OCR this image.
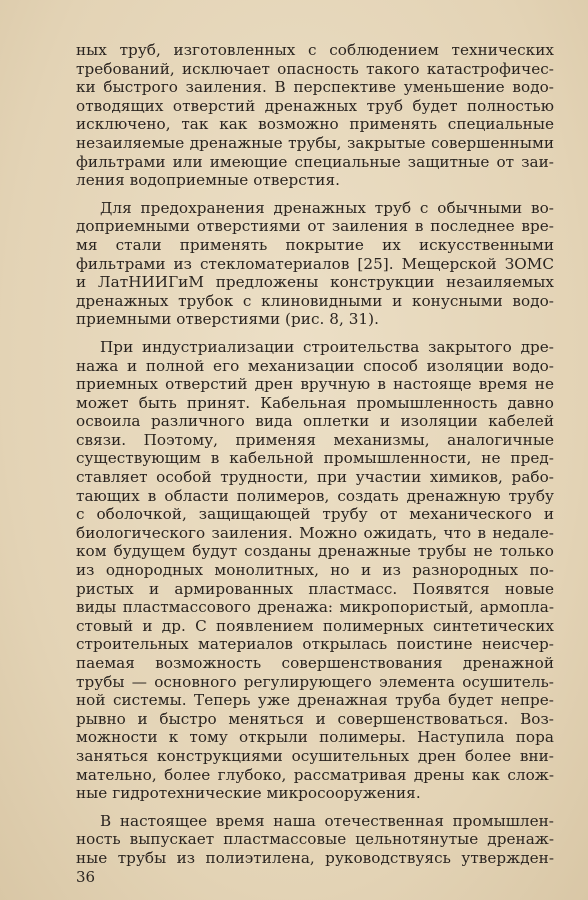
ных труб, изготовленных с соблюдением технических
требований, исключает опасность такого катастрофичес-
ки быстрого заиления. В перспективе уменьшение водо-
отводящих отверстий дренажных труб будет полностью
исключено, так как возможно применять специальные
незаиляемые дренажные трубы, закрытые совершенными
фильтрами или имеющие специальные защитные от заи-
ления водоприемные отверстия.

Для предохранения дренажных труб с обычными во-
доприемными отверстиями от заиления в последнее вре-
мя стали применять покрытие их искусственными
фильтрами из стекломатериалов [25]. Мещерской ЗОМС
и ЛатНИИГиМ предложены конструкции незаиляемых
дренажных трубок с клиновидными и конусными водо-
приемными отверстиями (рис. 8, 31).

При индустриализации строительства закрытого дре-
нажа и полной его механизации способ изоляции водо-
приемных отверстий дрен вручную в настояще время не
может быть принят. Кабельная промышленность давно
освоила различного вида оплетки и изоляции кабелей
связи. Поэтому, применяя механизмы, аналогичные
существующим в кабельной промышленности, не пред-
ставляет особой трудности, при участии химиков, рабо-
тающих в области полимеров, создать дренажную трубу
с оболочкой, защищающей трубу от механического и
биологического заиления. Можно ожидать, что в недале-
ком будущем будут созданы дренажные трубы не только
из однородных монолитных, но и из разнородных по-
ристых и армированных пластмасс. Появятся новые
виды пластмассового дренажа: микропористый, армопла-
стовый и др. С появлением полимерных синтетических
строительных материалов открылась поистине неисчер-
паемая возможность совершенствования дренажной
трубы — основного регулирующего элемента осушитель-
ной системы. Теперь уже дренажная труба будет непре-
рывно и быстро меняться и совершенствоваться. Воз-
можности к тому открыли полимеры. Наступила пора
заняться конструкциями осушительных дрен более вни-
мательно, более глубоко, рассматривая дрены как слож-
ные гидротехнические микросооружения.

В настоящее время наша отечественная промышлен-
ность выпускает пластмассовые цельнотянутые дренаж-
ные трубы из полиэтилена, руководствуясь утвержден-

36
